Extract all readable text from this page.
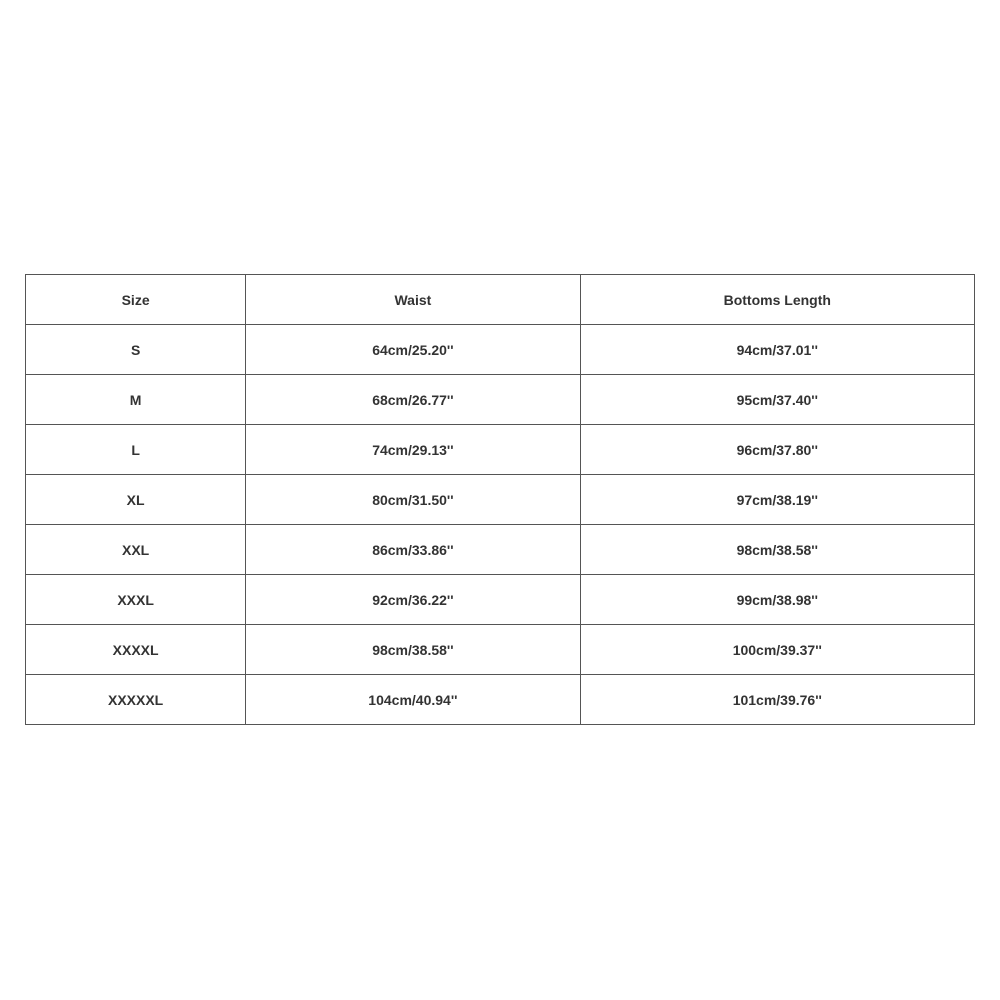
Size	Waist	Bottoms Length
S	64cm/25.20''	94cm/37.01''
M	68cm/26.77''	95cm/37.40''
L	74cm/29.13''	96cm/37.80''
XL	80cm/31.50''	97cm/38.19''
XXL	86cm/33.86''	98cm/38.58''
XXXL	92cm/36.22''	99cm/38.98''
XXXXL	98cm/38.58''	100cm/39.37''
XXXXXL	104cm/40.94''	101cm/39.76''
